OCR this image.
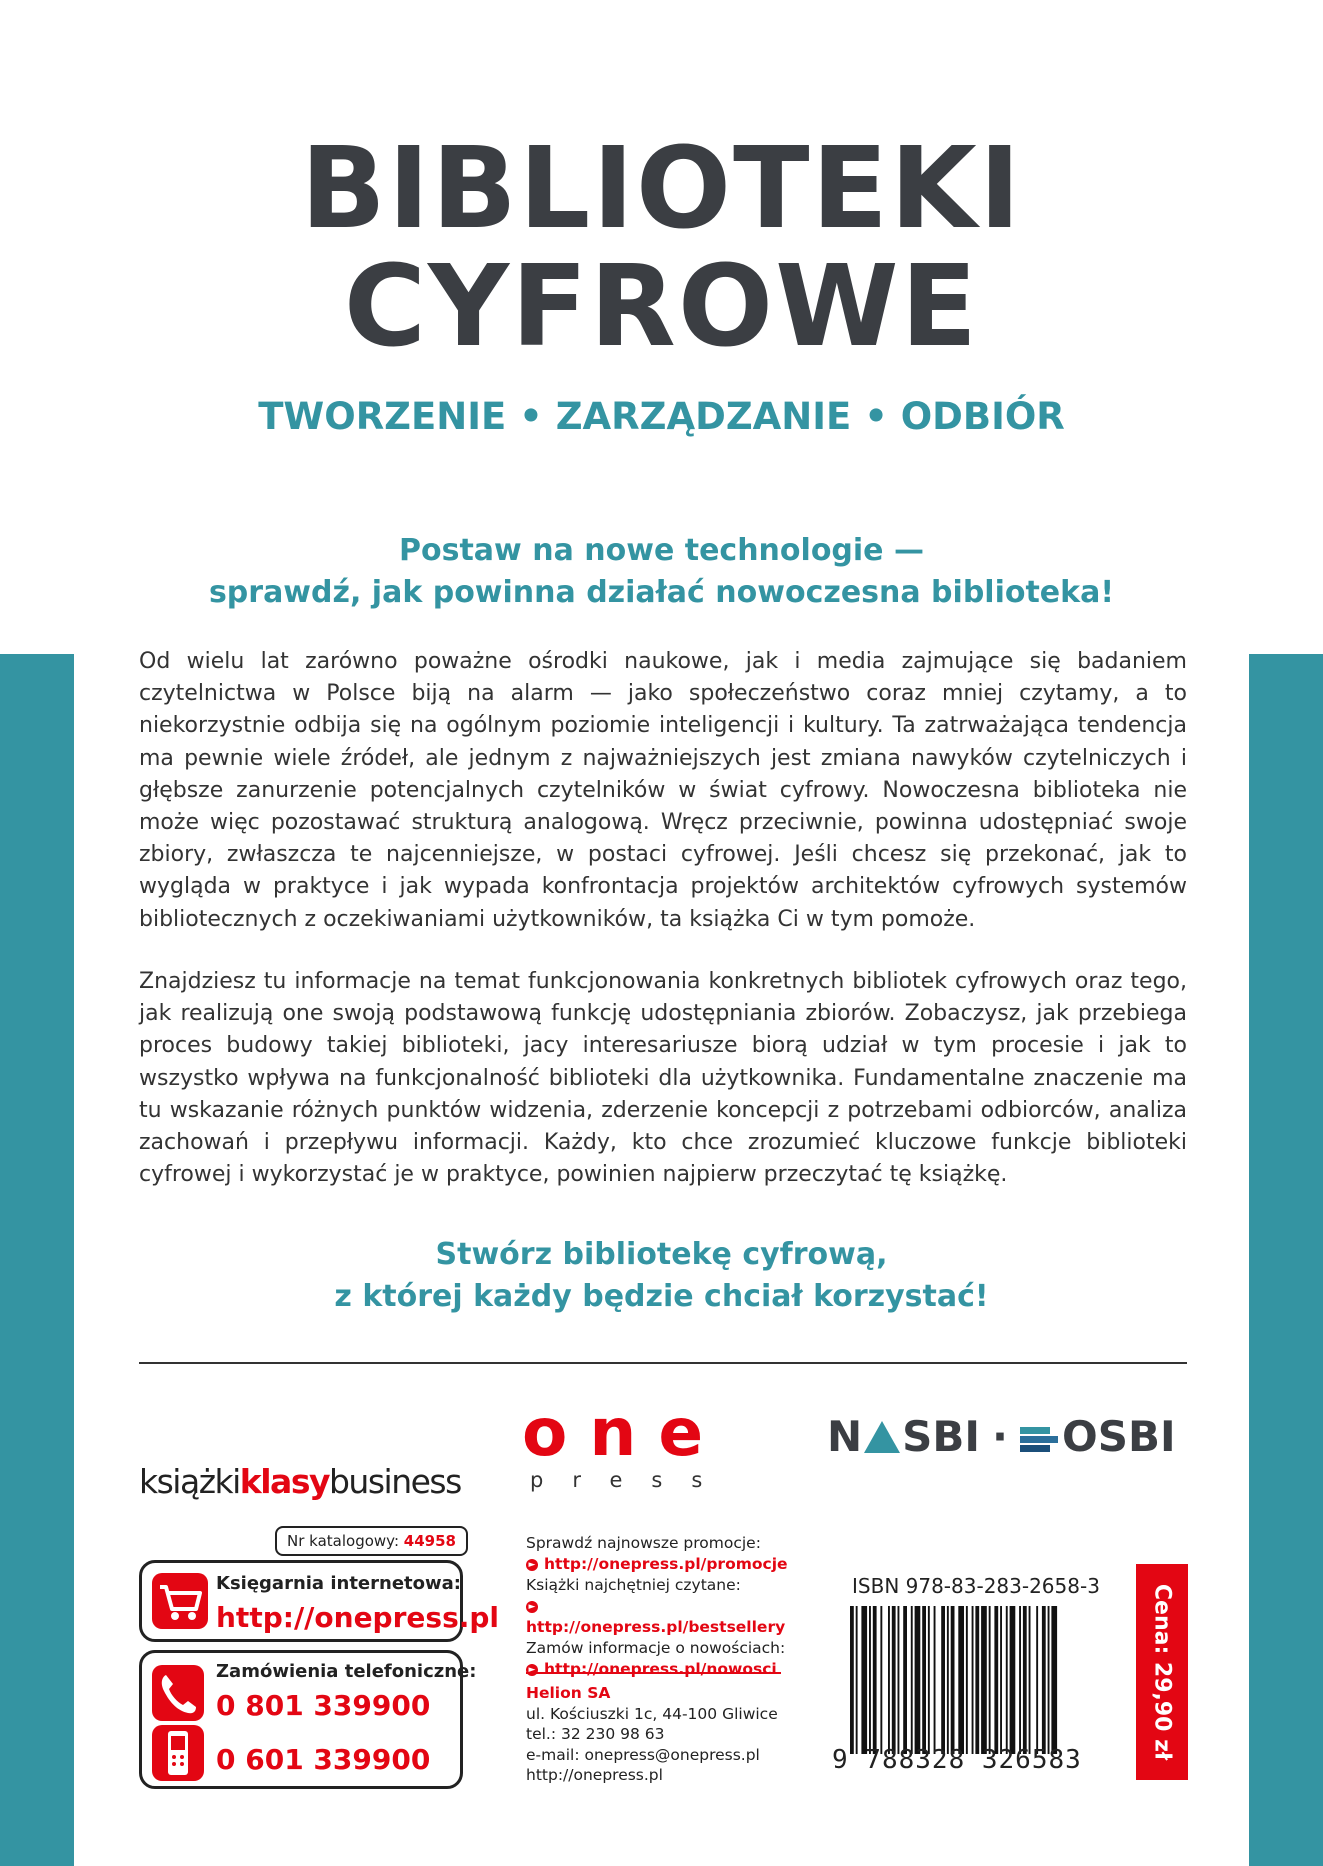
BIBLIOTEKI
CYFROWE
TWORZENIE • ZARZĄDZANIE • ODBIÓR
Postaw na nowe technologie —
sprawdź, jak powinna działać nowoczesna biblioteka!

Od wielu lat zarówno poważne ośrodki naukowe, jak i media zajmujące się badaniem czytelnictwa w Polsce biją na alarm — jako społeczeństwo coraz mniej czytamy, a to niekorzystnie odbija się na ogólnym poziomie inteligencji i kultury. Ta zatrważająca tendencja ma pewnie wiele źródeł, ale jednym z najważniejszych jest zmiana nawyków czytelniczych i głębsze zanurzenie potencjalnych czytelników w świat cyfrowy. Nowoczesna biblioteka nie może więc pozostawać strukturą analogową. Wręcz przeciwnie, powinna udostępniać swoje zbiory, zwłaszcza te najcenniejsze, w postaci cyfrowej. Jeśli chcesz się przekonać, jak to wygląda w praktyce i jak wypada konfrontacja projektów architektów cyfrowych systemów bibliotecznych z oczekiwaniami użytkowników, ta książka Ci w tym pomoże.

Znajdziesz tu informacje na temat funkcjonowania konkretnych bibliotek cyfrowych oraz tego, jak realizują one swoją podstawową funkcję udostępniania zbiorów. Zobaczysz, jak przebiega proces budowy takiej biblioteki, jacy interesariusze biorą udział w tym procesie i jak to wszystko wpływa na funkcjonalność biblioteki dla użytkownika. Fundamentalne znaczenie ma tu wskazanie różnych punktów widzenia, zderzenie koncepcji z potrzebami odbiorców, analiza zachowań i przepływu informacji. Każdy, kto chce zrozumieć kluczowe funkcje biblioteki cyfrowej i wykorzystać je w praktyce, powinien najpierw przeczytać tę książkę.

Stwórz bibliotekę cyfrową,
z której każdy będzie chciał korzystać!
książkiklasybusiness
one
press
N SBI · OSBI
Nr katalogowy: 44958
Księgarnia internetowa:
http://onepress.pl
Zamówienia telefoniczne:
0 801 339900
0 601 339900
Sprawdź najnowsze promocje:
► http://onepress.pl/promocje
Książki najchętniej czytane:
►http://onepress.pl/bestsellery
Zamów informacje o nowościach:
► http://onepress.pl/nowosci
Helion SA
ul. Kościuszki 1c, 44-100 Gliwice
tel.: 32 230 98 63
e-mail: onepress@onepress.pl
http://onepress.pl
ISBN 978-83-283-2658-3
9 788328 326583	Cena: 29,90 zł
